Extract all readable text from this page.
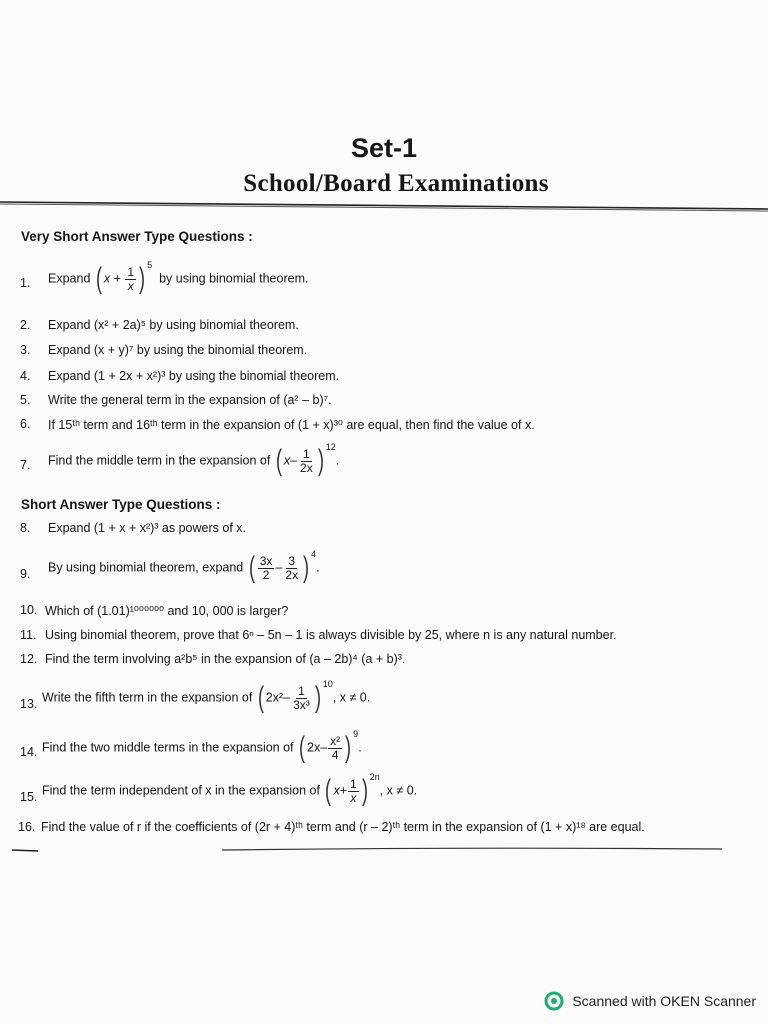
Set-1
School/Board Examinations
Very Short Answer Type Questions :
1. Expand ( $x + \frac{1}{x}$ ) $^5$  by using binomial theorem.
2. Expand (x² + 2a)⁵ by using binomial theorem.
3. Expand (x + y)⁷ by using the binomial theorem.
4. Expand (1 + 2x + x²)³ by using the binomial theorem.
5. Write the general term in the expansion of (a² – b)⁷.
6. If 15ᵗʰ term and 16ᵗʰ term in the expansion of (1 + x)³⁰ are equal, then find the value of x.
7. Find the middle term in the expansion of ( $x- \frac{1}{2x}$ ) $^{12}$.
Short Answer Type Questions :
8. Expand (1 + x + x²)³ as powers of x.
9. By using binomial theorem, expand ( $\frac{3x}{2} - \frac{3}{2x}$ ) $^4$.
10. Which of (1.01)¹⁰⁰⁰⁰⁰⁰ and 10, 000 is larger?
11. Using binomial theorem, prove that 6ⁿ – 5n – 1 is always divisible by 25, where n is any natural number.
12. Find the term involving a²b⁵ in the expansion of (a – 2b)⁴ (a + b)³.
13. Write the fifth term in the expansion of ( $2x^2- \frac{1}{\text{3x³}}$ ) $^{10}$, x ≠ 0.
14. Find the two middle terms in the expansion of ( $2x- \frac{\text{x²}}{4}$ ) $^9$.
15. Find the term independent of x in the expansion of ( $x+ \frac{1}{x}$ ) $^{2n}$, x ≠ 0.
16. Find the value of r if the coefficients of (2r + 4)ᵗʰ term and (r – 2)ᵗʰ term in the expansion of (1 + x)¹⁸ are equal.
Scanned with OKEN Scanner
